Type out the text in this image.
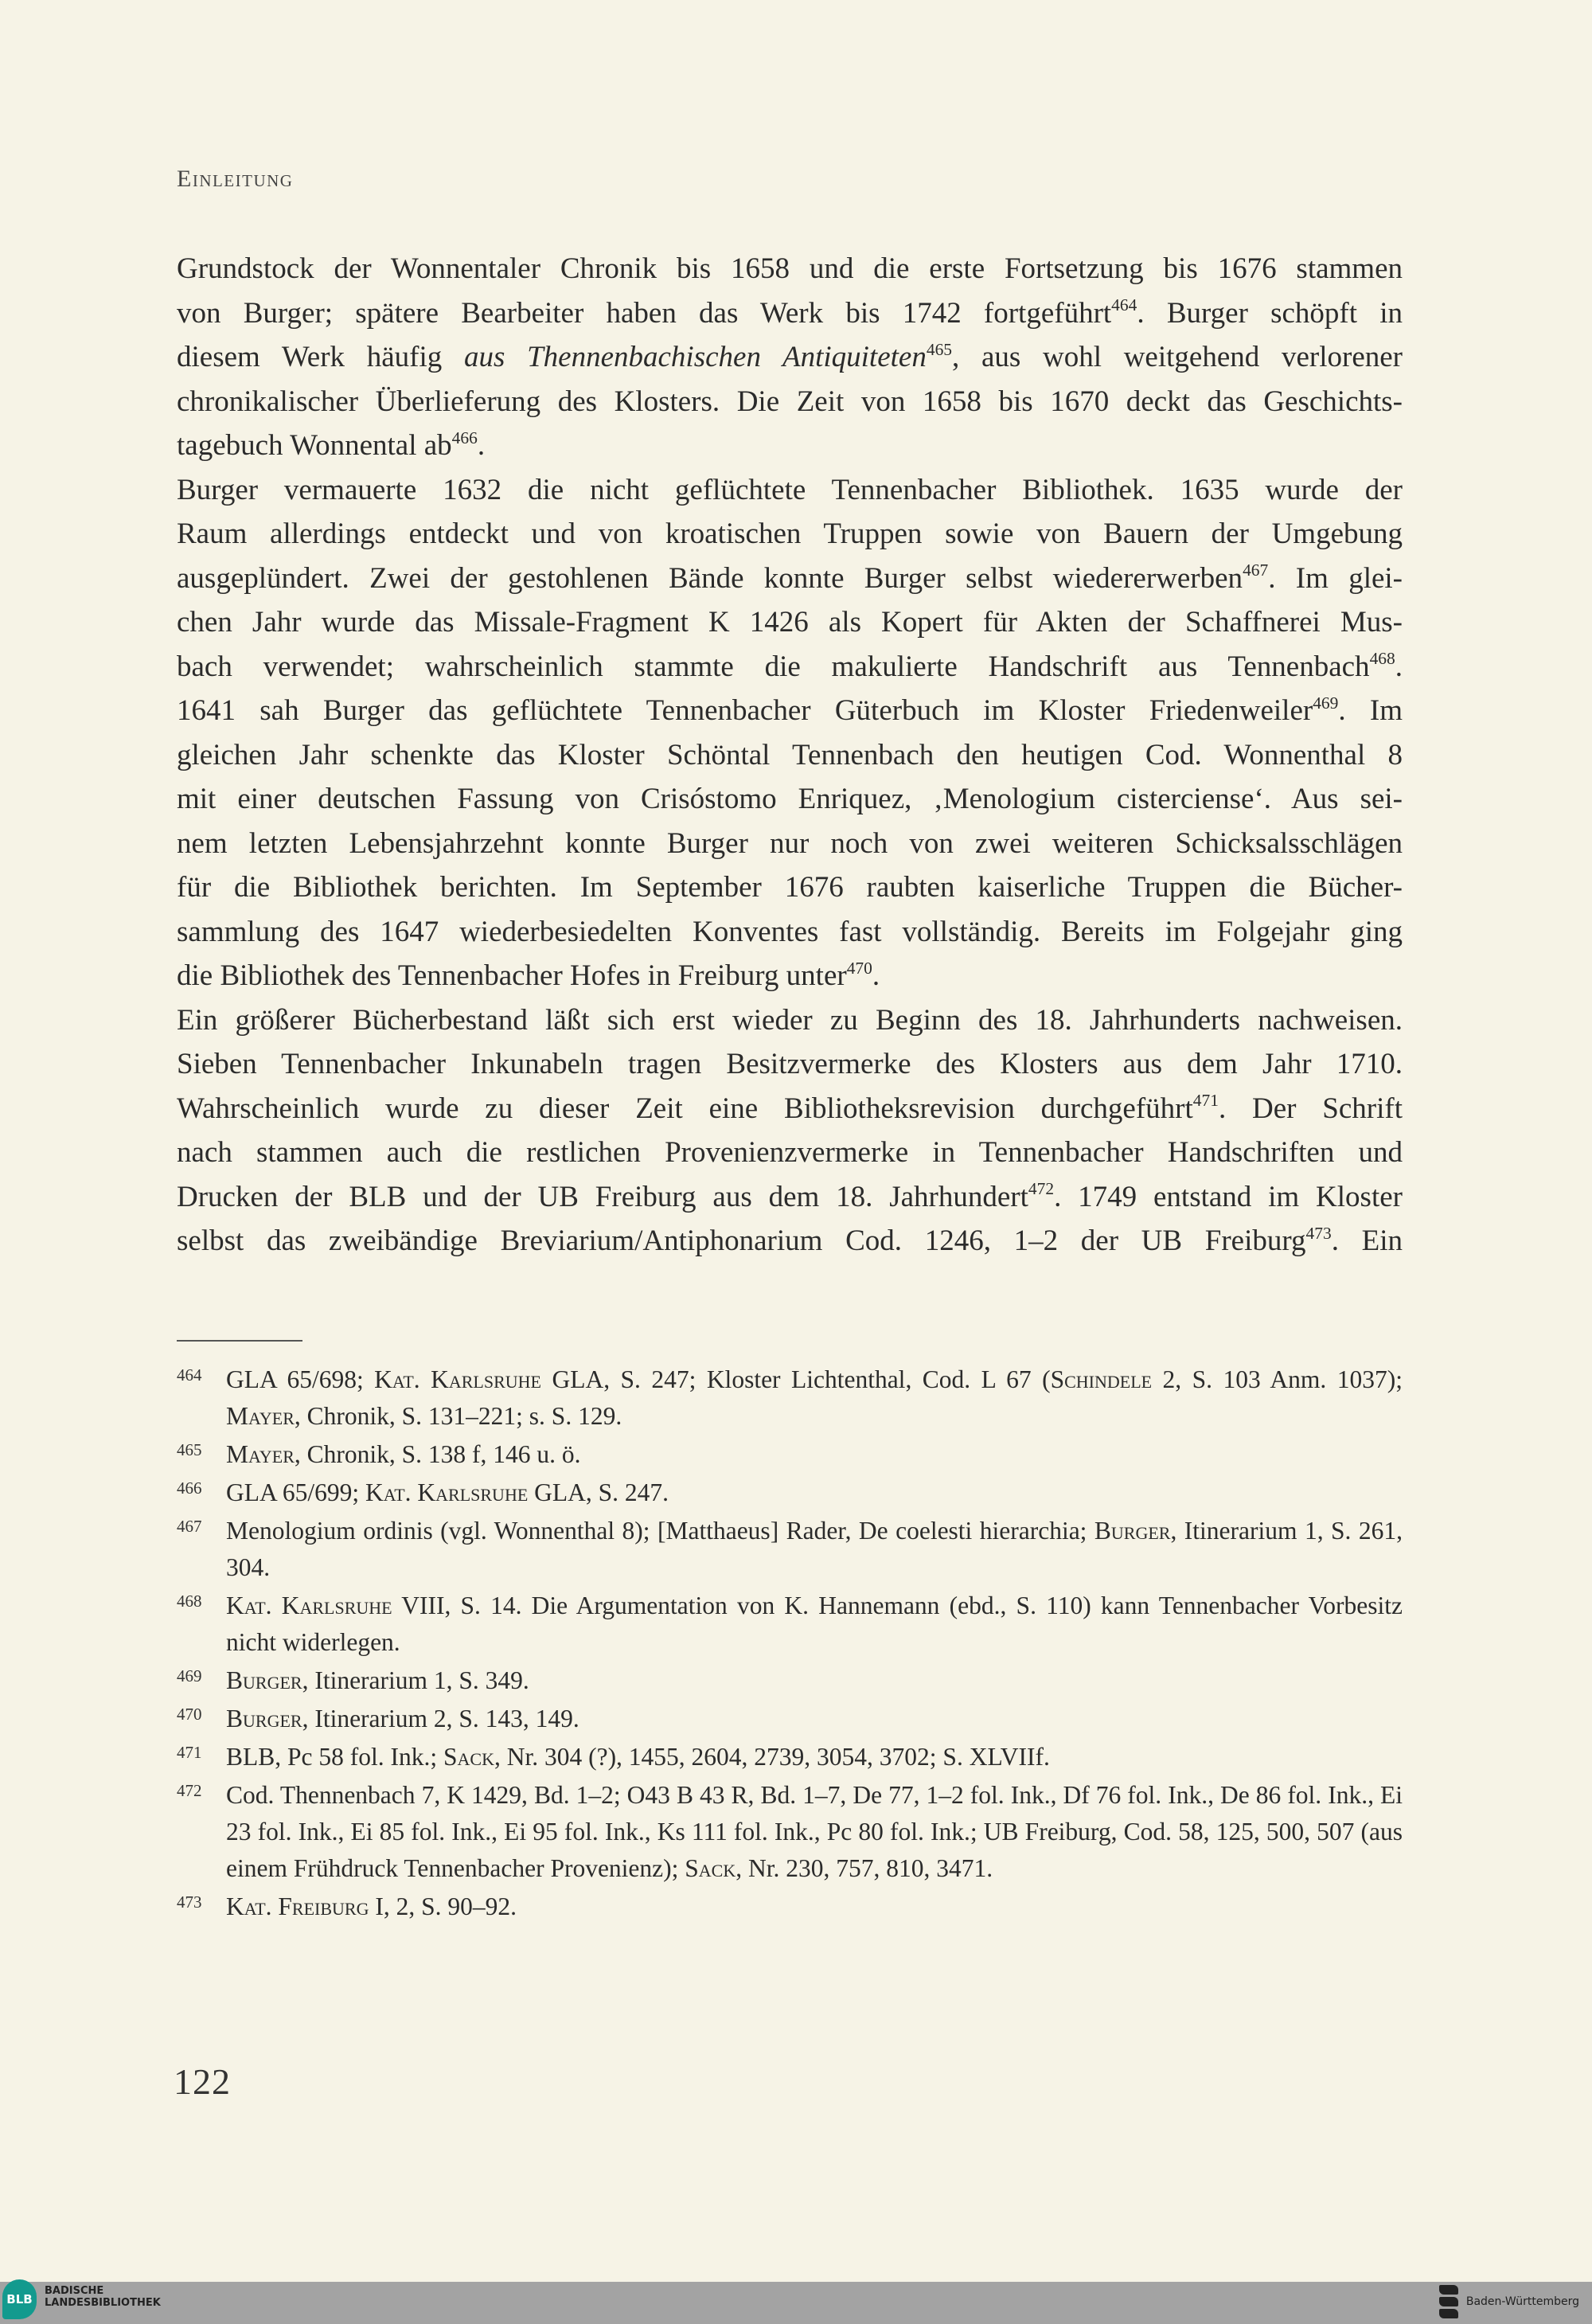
Einleitung

Grundstock der Wonnentaler Chronik bis 1658 und die erste Fortsetzung bis 1676 stammen
von Burger; spätere Bearbeiter haben das Werk bis 1742 fortgeführt$^{464}$. Burger schöpft in
diesem Werk häufig aus Thennenbachischen Antiquiteten$^{465}$, aus wohl weitgehend verlorener
chronikalischer Überlieferung des Klosters. Die Zeit von 1658 bis 1670 deckt das Geschichts-
tagebuch Wonnental $ab^{466}$.

Burger vermauerte 1632 die nicht geflüchtete Tennenbacher Bibliothek. 1635 wurde der
Raum allerdings entdeckt und von kroatischen Truppen sowie von Bauern der Umgebung
ausgeplündert. Zwei der gestohlenen Bände konnte Burger selbst wiedererwerben$^{467}$. Im glei-
chen Jahr wurde das Missale-Fragment K 1426 als Kopert für Akten der Schaffnerei Mus-
bach verwendet; wahrscheinlich stammte die makulierte Handschrift aus Tennenbach$^{468}$.
1641 sah Burger das geflüchtete Tennenbacher Güterbuch im Kloster Friedenweiler$^{469}$. Im
gleichen Jahr schenkte das Kloster Schöntal Tennenbach den heutigen Cod. Wonnenthal 8
mit einer deutschen Fassung von Crisóstomo Enriquez, ‚Menologium cisterciense‘. Aus sei-
nem letzten Lebensjahrzehnt konnte Burger nur noch von zwei weiteren Schicksalsschlägen
für die Bibliothek berichten. Im September 1676 raubten kaiserliche Truppen die Bücher-
sammlung des 1647 wiederbesiedelten Konventes fast vollständig. Bereits im Folgejahr ging
die Bibliothek des Tennenbacher Hofes in Freiburg unter$^{470}$.

Ein größerer Bücherbestand läßt sich erst wieder zu Beginn des 18. Jahrhunderts nachweisen.
Sieben Tennenbacher Inkunabeln tragen Besitzvermerke des Klosters aus dem Jahr 1710.
Wahrscheinlich wurde zu dieser Zeit eine Bibliotheksrevision durchgeführt$^{471}$. Der Schrift
nach stammen auch die restlichen Provenienzvermerke in Tennenbacher Handschriften und
Drucken der BLB und der UB Freiburg aus dem 18. Jahrhundert$^{472}$. 1749 entstand im Kloster
selbst das zweibändige Breviarium/Antiphonarium Cod. 1246, 1–2 der UB Freiburg$^{473}$. Ein

464 GLA 65/698; Kat. Karlsruhe GLA, S. 247; Kloster Lichtenthal, Cod. L 67 (Schindele 2, S. 103 Anm. 1037); Mayer, Chronik, S. 131–221; s. S. 129.
465 Mayer, Chronik, S. 138 f, 146 u. ö.
466 GLA 65/699; Kat. Karlsruhe GLA, S. 247.
467 Menologium ordinis (vgl. Wonnenthal 8); [Matthaeus] Rader, De coelesti hierarchia; Burger, Itinerarium 1, S. 261, 304.
468 Kat. Karlsruhe VIII, S. 14. Die Argumentation von K. Hannemann (ebd., S. 110) kann Tennenbacher Vorbesitz nicht widerlegen.
469 Burger, Itinerarium 1, S. 349.
470 Burger, Itinerarium 2, S. 143, 149.
471 BLB, Pc 58 fol. Ink.; Sack, Nr. 304 (?), 1455, 2604, 2739, 3054, 3702; S. XLVIIf.
472 Cod. Thennenbach 7, K 1429, Bd. 1–2; O43 B 43 R, Bd. 1–7, De 77, 1–2 fol. Ink., Df 76 fol. Ink., De 86 fol. Ink., Ei 23 fol. Ink., Ei 85 fol. Ink., Ei 95 fol. Ink., Ks 111 fol. Ink., Pc 80 fol. Ink.; UB Freiburg, Cod. 58, 125, 500, 507 (aus einem Frühdruck Tennenbacher Provenienz); Sack, Nr. 230, 757, 810, 3471.
473 Kat. Freiburg I, 2, S. 90–92.
122
BLB
BADISCHE
LANDESBIBLIOTHEK	Baden-Württemberg
